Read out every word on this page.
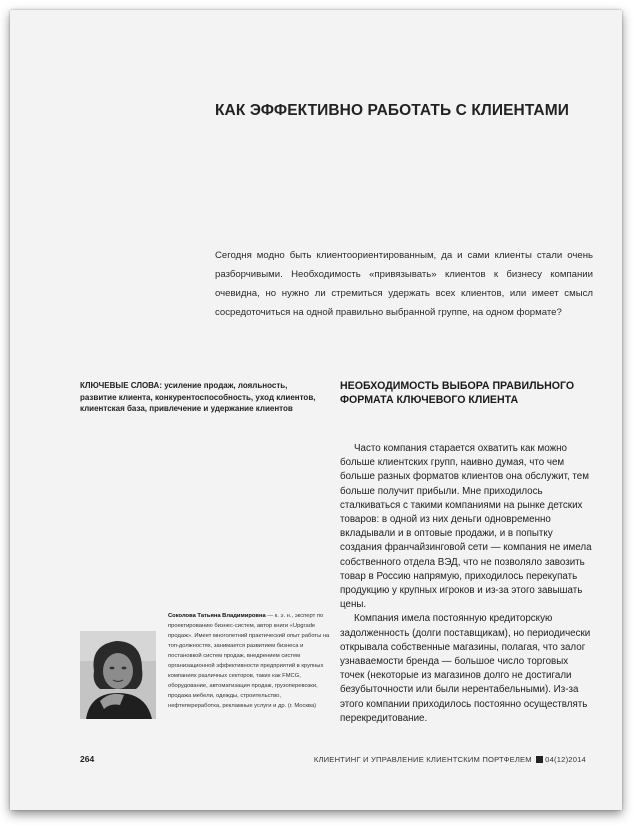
КАК ЭФФЕКТИВНО РАБОТАТЬ С КЛИЕНТАМИ
Сегодня модно быть клиентоориентированным, да и сами клиенты стали очень разборчивыми. Необходимость «привязывать» клиентов к бизнесу компании очевидна, но нужно ли стремиться удержать всех клиентов, или имеет смысл сосредоточиться на одной правильно выбранной группе, на одном формате?
КЛЮЧЕВЫЕ СЛОВА: усиление продаж, лояльность, развитие клиента, конкурентоспособность, уход клиентов, клиентская база, привлечение и удержание клиентов
НЕОБХОДИМОСТЬ ВЫБОРА ПРАВИЛЬНОГО ФОРМАТА КЛЮЧЕВОГО КЛИЕНТА

Часто компания старается охватить как можно больше клиентских групп, наивно думая, что чем больше разных форматов клиентов она обслужит, тем больше получит прибыли. Мне приходилось сталкиваться с такими компаниями на рынке детских товаров: в одной из них деньги одновременно вкладывали и в оптовые продажи, и в попытку создания франчайзинговой сети — компания не имела собственного отдела ВЭД, что не позволяло завозить товар в Россию напрямую, приходилось перекупать продукцию у крупных игроков и из-за этого завышать цены.

Компания имела постоянную кредиторскую задолженность (долги поставщикам), но периодически открывала собственные магазины, полагая, что залог узнаваемости бренда — большое число торговых точек (некоторые из магазинов долго не достигали безубыточности или были нерентабельными). Из-за этого компании приходилось постоянно осуществлять перекредитование.

Соколова Татьяна Владимировна — к. э. н., эксперт по проектированию бизнес-систем, автор книги «Upgrade продаж». Имеет многолетний практический опыт работы на топ-должностях, занимается развитием бизнеса и постановкой систем продаж, внедрением систем организационной эффективности предприятий в крупных компаниях различных секторов, таких как FMCG, оборудование, автоматизация продаж, грузоперевозки, продажа мебели, одежды, строительство, нефтепереработка, рекламные услуги и др. (г. Москва)
264	КЛИЕНТИНГ И УПРАВЛЕНИЕ КЛИЕНТСКИМ ПОРТФЕЛЕМ 04(12)2014
